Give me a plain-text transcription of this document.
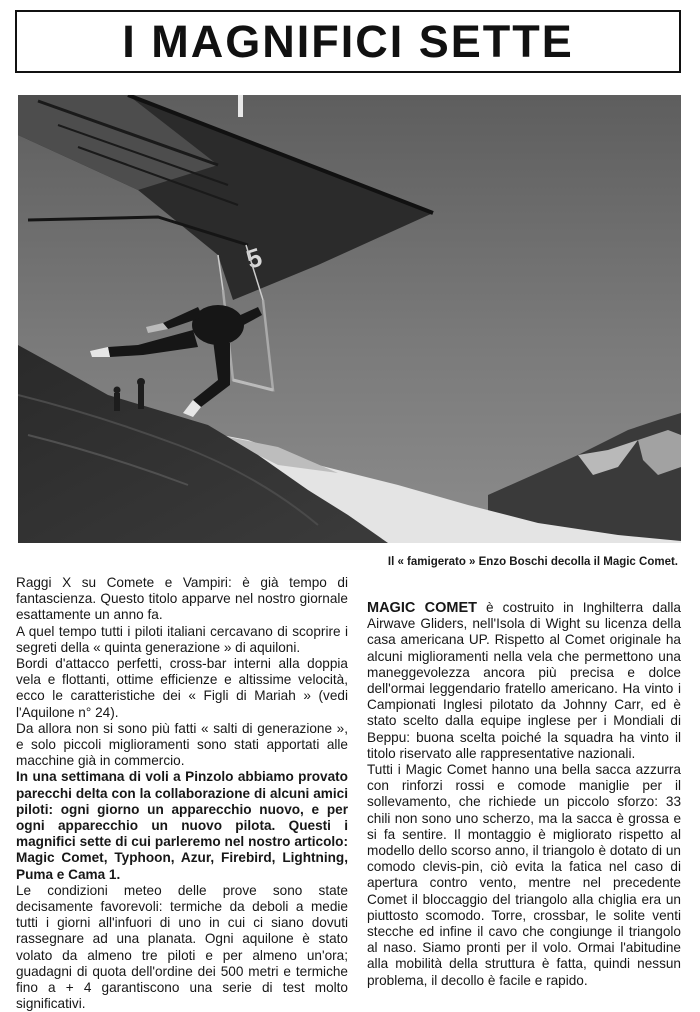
I MAGNIFICI SETTE
5
Il « famigerato » Enzo Boschi decolla il Magic Comet.

Raggi X su Comete e Vampiri: è già tempo di fantascienza. Questo titolo apparve nel nostro giornale esattamente un anno fa.

A quel tempo tutti i piloti italiani cercavano di scoprire i segreti della « quinta generazione » di aquiloni.

Bordi d'attacco perfetti, cross-bar interni alla doppia vela e flottanti, ottime efficienze e altissime velocità, ecco le caratteristiche dei « Figli di Mariah » (vedi l'Aquilone n° 24).

Da allora non si sono più fatti « salti di generazione », e solo piccoli miglioramenti sono stati apportati alle macchine già in commercio.

In una settimana di voli a Pinzolo abbiamo provato parecchi delta con la collaborazione di alcuni amici piloti: ogni giorno un apparecchio nuovo, e per ogni apparecchio un nuovo pilota. Questi i magnifici sette di cui parleremo nel nostro articolo: Magic Comet, Typhoon, Azur, Firebird, Lightning, Puma e Cama 1.

Le condizioni meteo delle prove sono state decisamente favorevoli: termiche da deboli a medie tutti i giorni all'infuori di uno in cui ci siano dovuti rassegnare ad una planata. Ogni aquilone è stato volato da almeno tre piloti e per almeno un'ora; guadagni di quota dell'ordine dei 500 metri e termiche fino a + 4 garantiscono una serie di test molto significativi.

MAGIC COMET è costruito in Inghilterra dalla Airwave Gliders, nell'Isola di Wight su licenza della casa americana UP. Rispetto al Comet originale ha alcuni miglioramenti nella vela che permettono una maneggevolezza ancora più precisa e dolce dell'ormai leggendario fratello americano. Ha vinto i Campionati Inglesi pilotato da Johnny Carr, ed è stato scelto dalla equipe inglese per i Mondiali di Beppu: buona scelta poiché la squadra ha vinto il titolo riservato alle rappresentative nazionali.

Tutti i Magic Comet hanno una bella sacca azzurra con rinforzi rossi e comode maniglie per il sollevamento, che richiede un piccolo sforzo: 33 chili non sono uno scherzo, ma la sacca è grossa e si fa sentire. Il montaggio è migliorato rispetto al modello dello scorso anno, il triangolo è dotato di un comodo clevis-pin, ciò evita la fatica nel caso di apertura contro vento, mentre nel precedente Comet il bloccaggio del triangolo alla chiglia era un piuttosto scomodo. Torre, crossbar, le solite venti stecche ed infine il cavo che congiunge il triangolo al naso. Siamo pronti per il volo. Ormai l'abitudine alla mobilità della struttura è fatta, quindi nessun problema, il decollo è facile e rapido.
